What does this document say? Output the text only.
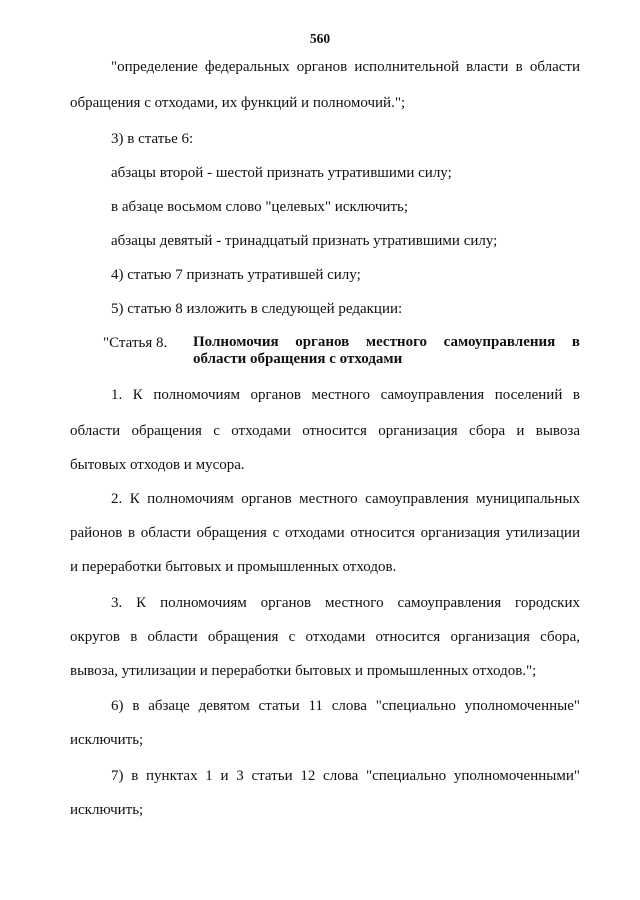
560
"определение федеральных органов исполнительной власти в области
обращения с отходами, их функций и полномочий.";
3) в статье 6:
абзацы второй - шестой признать утратившими силу;
в абзаце восьмом слово "целевых" исключить;
абзацы девятый - тринадцатый признать утратившими силу;
4) статью 7 признать утратившей силу;
5) статью 8 изложить в следующей редакции:
"Статья 8. Полномочия органов местного самоуправления в
области обращения с отходами
1. К полномочиям органов местного самоуправления поселений в
области обращения с отходами относится организация сбора и вывоза
бытовых отходов и мусора.
2. К полномочиям органов местного самоуправления муниципальных
районов в области обращения с отходами относится организация утилизации
и переработки бытовых и промышленных отходов.
3. К полномочиям органов местного самоуправления городских
округов в области обращения с отходами относится организация сбора,
вывоза, утилизации и переработки бытовых и промышленных отходов.";
6) в абзаце девятом статьи 11 слова "специально уполномоченные"
исключить;
7) в пунктах 1 и 3 статьи 12 слова "специально уполномоченными"
исключить;
